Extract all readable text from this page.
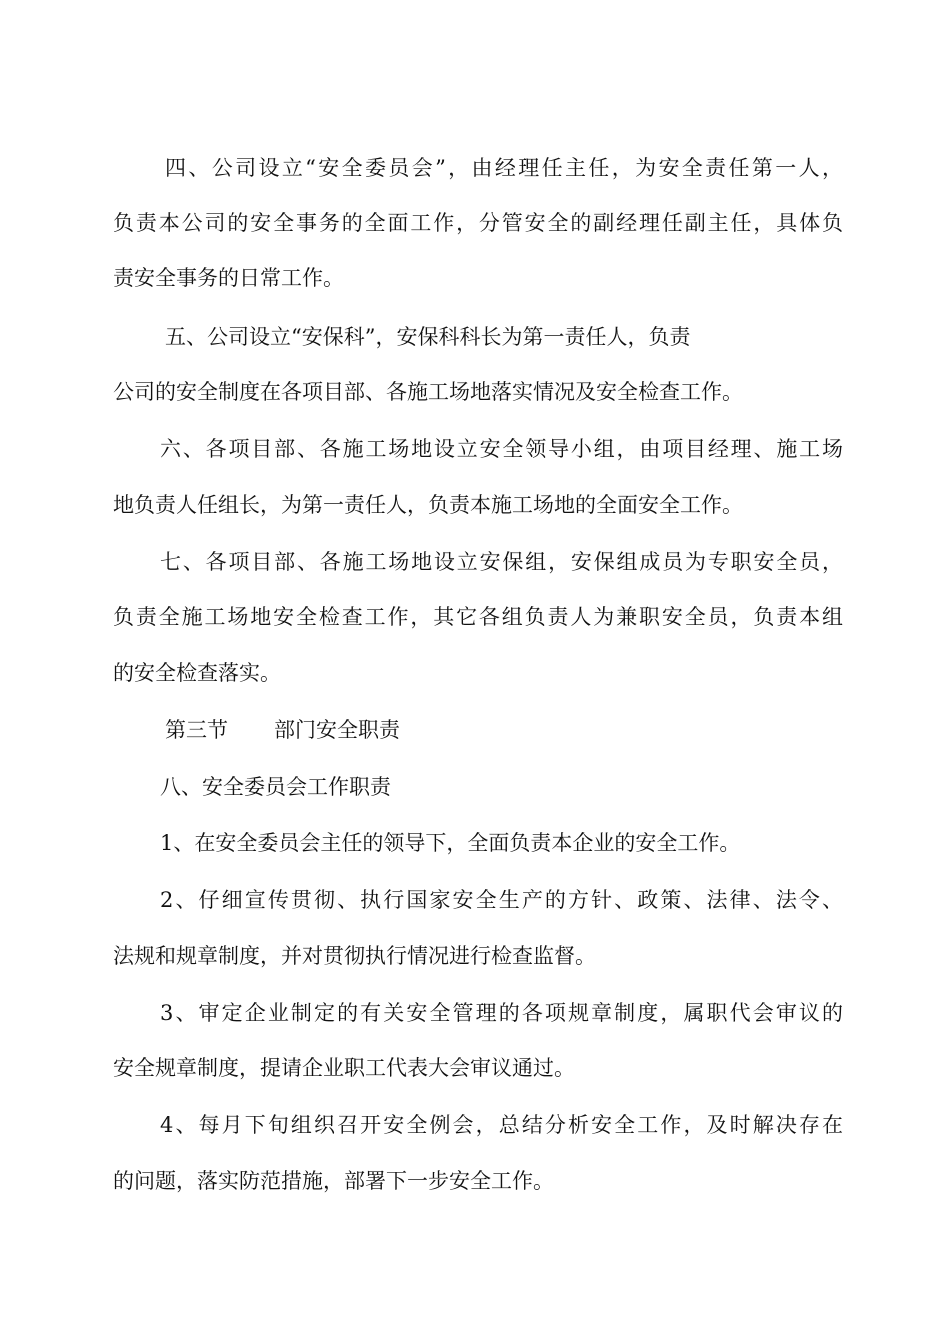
四、公司设立“安全委员会”，由经理任主任，为安全责任第一人，
负责本公司的安全事务的全面工作，分管安全的副经理任副主任，具体负
责安全事务的日常工作。
五、公司设立“安保科”，安保科科长为第一责任人，负责
公司的安全制度在各项目部、各施工场地落实情况及安全检查工作。
六、各项目部、各施工场地设立安全领导小组，由项目经理、施工场
地负责人任组长，为第一责任人，负责本施工场地的全面安全工作。
七、各项目部、各施工场地设立安保组，安保组成员为专职安全员，
负责全施工场地安全检查工作，其它各组负责人为兼职安全员，负责本组
的安全检查落实。
第三节 部门安全职责
八、安全委员会工作职责
1、在安全委员会主任的领导下，全面负责本企业的安全工作。
2、仔细宣传贯彻、执行国家安全生产的方针、政策、法律、法令、
法规和规章制度，并对贯彻执行情况进行检查监督。
3、审定企业制定的有关安全管理的各项规章制度，属职代会审议的
安全规章制度，提请企业职工代表大会审议通过。
4、每月下旬组织召开安全例会，总结分析安全工作，及时解决存在
的问题，落实防范措施，部署下一步安全工作。
